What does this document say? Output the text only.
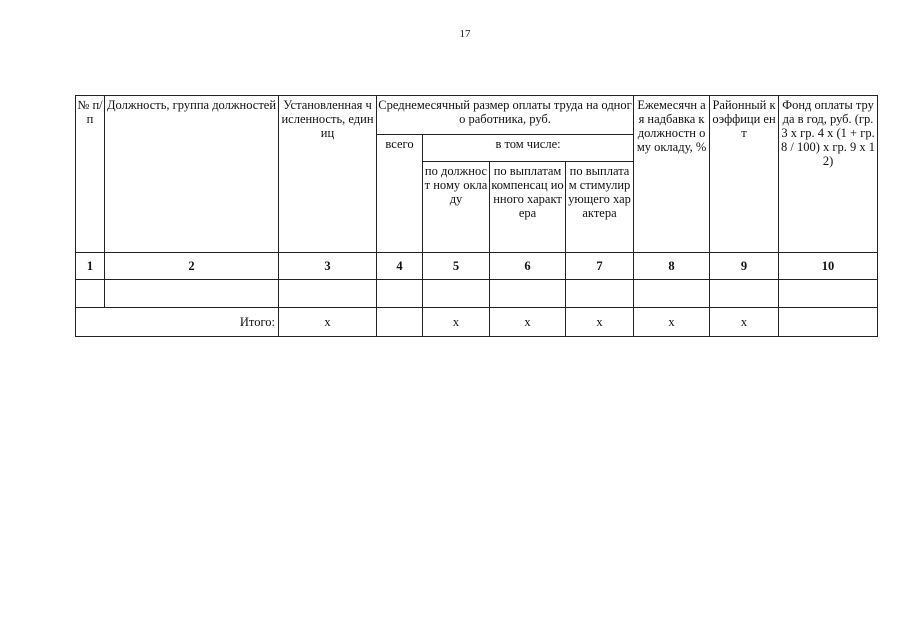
17
№ п/п	Должность, группа должностей	Установленная численность, единиц	Среднемесячный размер оплаты труда на одного работника, руб.				Ежемесячн ая надбавка к должностн ому окладу, %	Районный коэффици ент	Фонд оплаты труда в год, руб. (гр. 3 х гр. 4 х (1 + гр. 8 / 100) х гр. 9 х 12)
			всего	в том числе:					
				по должност ному окладу	по выплатам компенсац ионного характера	по выплатам стимулир ующего характера			
1	2	3	4	5	6	7	8	9	10

Итого:		x		x	x	x	x	x	
